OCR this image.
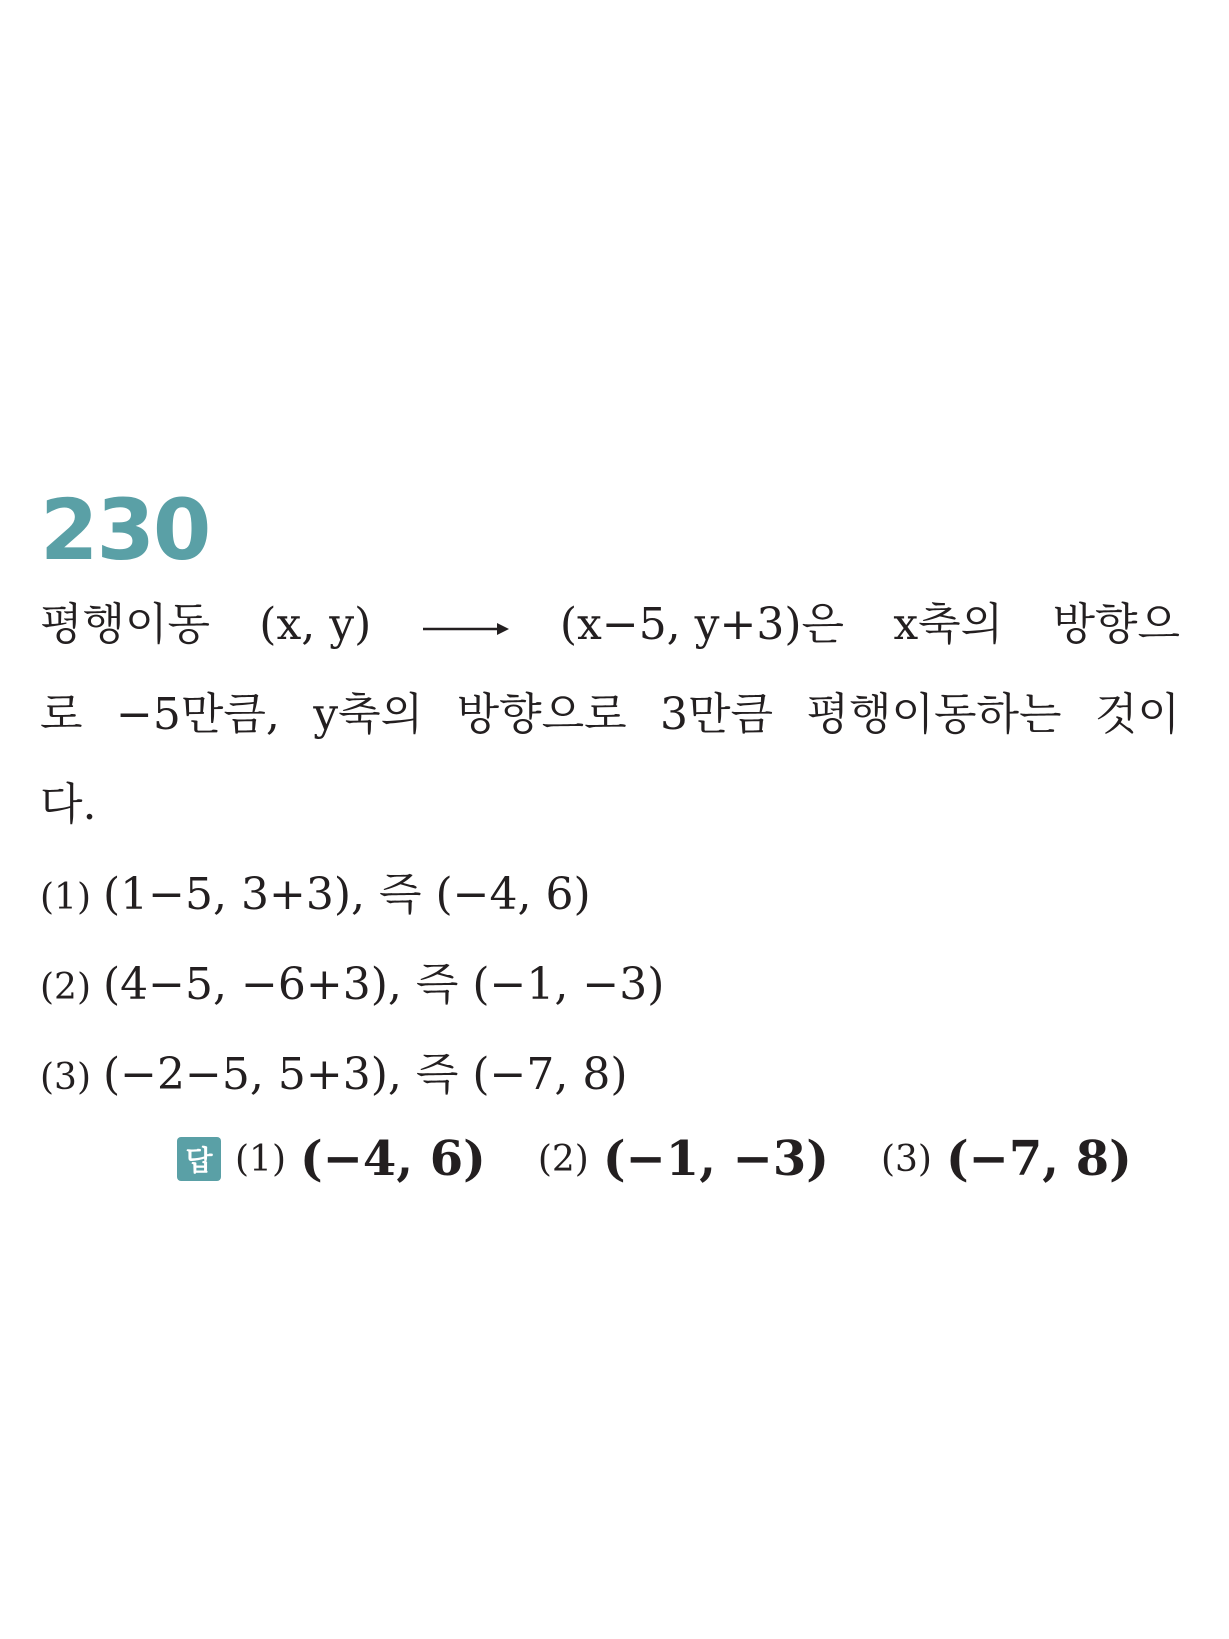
230
평행이동 (x, y)	(x−5, y+3)은 x축의 방향으
로 −5만큼, y축의 방향으로 3만큼 평행이동하는 것이
다.
(1) (1−5, 3+3), 즉 (−4, 6)
(2) (4−5, −6+3), 즉 (−1, −3)
(3) (−2−5, 5+3), 즉 (−7, 8)
답 (1) (−4, 6) (2) (−1, −3) (3) (−7, 8)
